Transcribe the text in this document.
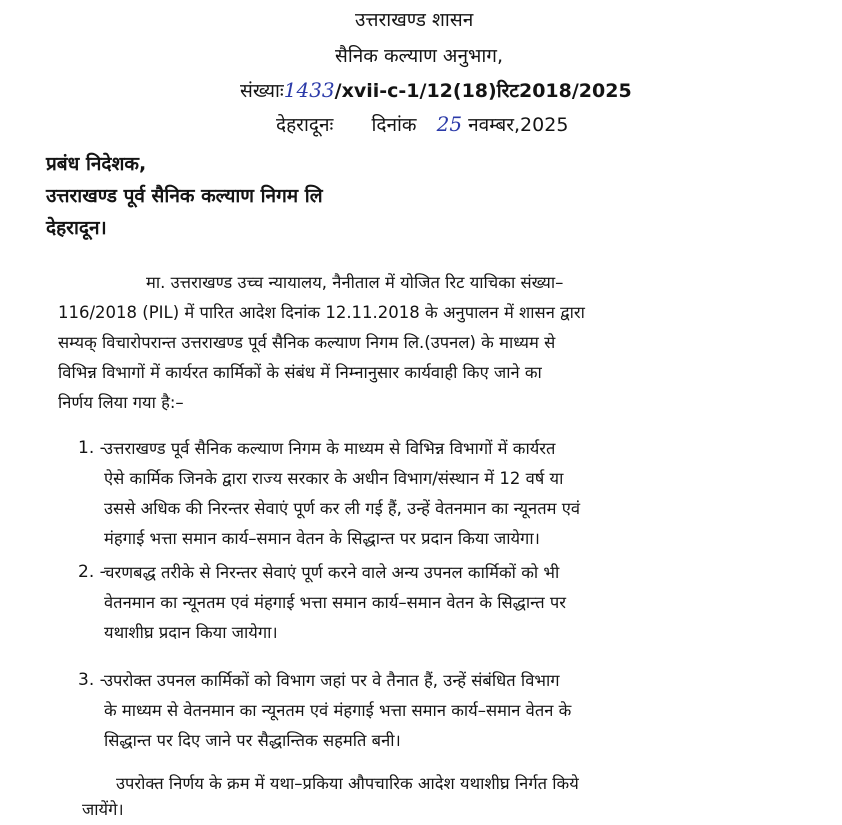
उत्तराखण्ड शासन
सैनिक कल्याण अनुभाग,
संख्याः1433/xvii-c-1/12(18)रिट2018/2025
देहरादूनः दिनांक 25 नवम्बर,2025
प्रबंध निदेशक,
उत्तराखण्ड पूर्व सैनिक कल्याण निगम लि
देहरादून।
मा. उत्तराखण्ड उच्च न्यायालय, नैनीताल में योजित रिट याचिका संख्या–
116/2018 (PIL) में पारित आदेश दिनांक 12.11.2018 के अनुपालन में शासन द्वारा
सम्यक् विचारोपरान्त उत्तराखण्ड पूर्व सैनिक कल्याण निगम लि.(उपनल) के माध्यम से
विभिन्न विभागों में कार्यरत कार्मिकों के संबंध में निम्नानुसार कार्यवाही किए जाने का
निर्णय लिया गया है:–
1. -
उत्तराखण्ड पूर्व सैनिक कल्याण निगम के माध्यम से विभिन्न विभागों में कार्यरत
ऐसे कार्मिक जिनके द्वारा राज्य सरकार के अधीन विभाग/संस्थान में 12 वर्ष या
उससे अधिक की निरन्तर सेवाएं पूर्ण कर ली गई हैं, उन्हें वेतनमान का न्यूनतम एवं
मंहगाई भत्ता समान कार्य–समान वेतन के सिद्धान्त पर प्रदान किया जायेगा।
2. -
चरणबद्ध तरीके से निरन्तर सेवाएं पूर्ण करने वाले अन्य उपनल कार्मिकों को भी
वेतनमान का न्यूनतम एवं मंहगाई भत्ता समान कार्य–समान वेतन के सिद्धान्त पर
यथाशीघ्र प्रदान किया जायेगा।
3. -
उपरोक्त उपनल कार्मिकों को विभाग जहां पर वे तैनात हैं, उन्हें संबंधित विभाग
के माध्यम से वेतनमान का न्यूनतम एवं मंहगाई भत्ता समान कार्य–समान वेतन के
सिद्धान्त पर दिए जाने पर सैद्धान्तिक सहमति बनी।
उपरोक्त निर्णय के क्रम में यथा–प्रकिया औपचारिक आदेश यथाशीघ्र निर्गत किये
जायेंगे।
